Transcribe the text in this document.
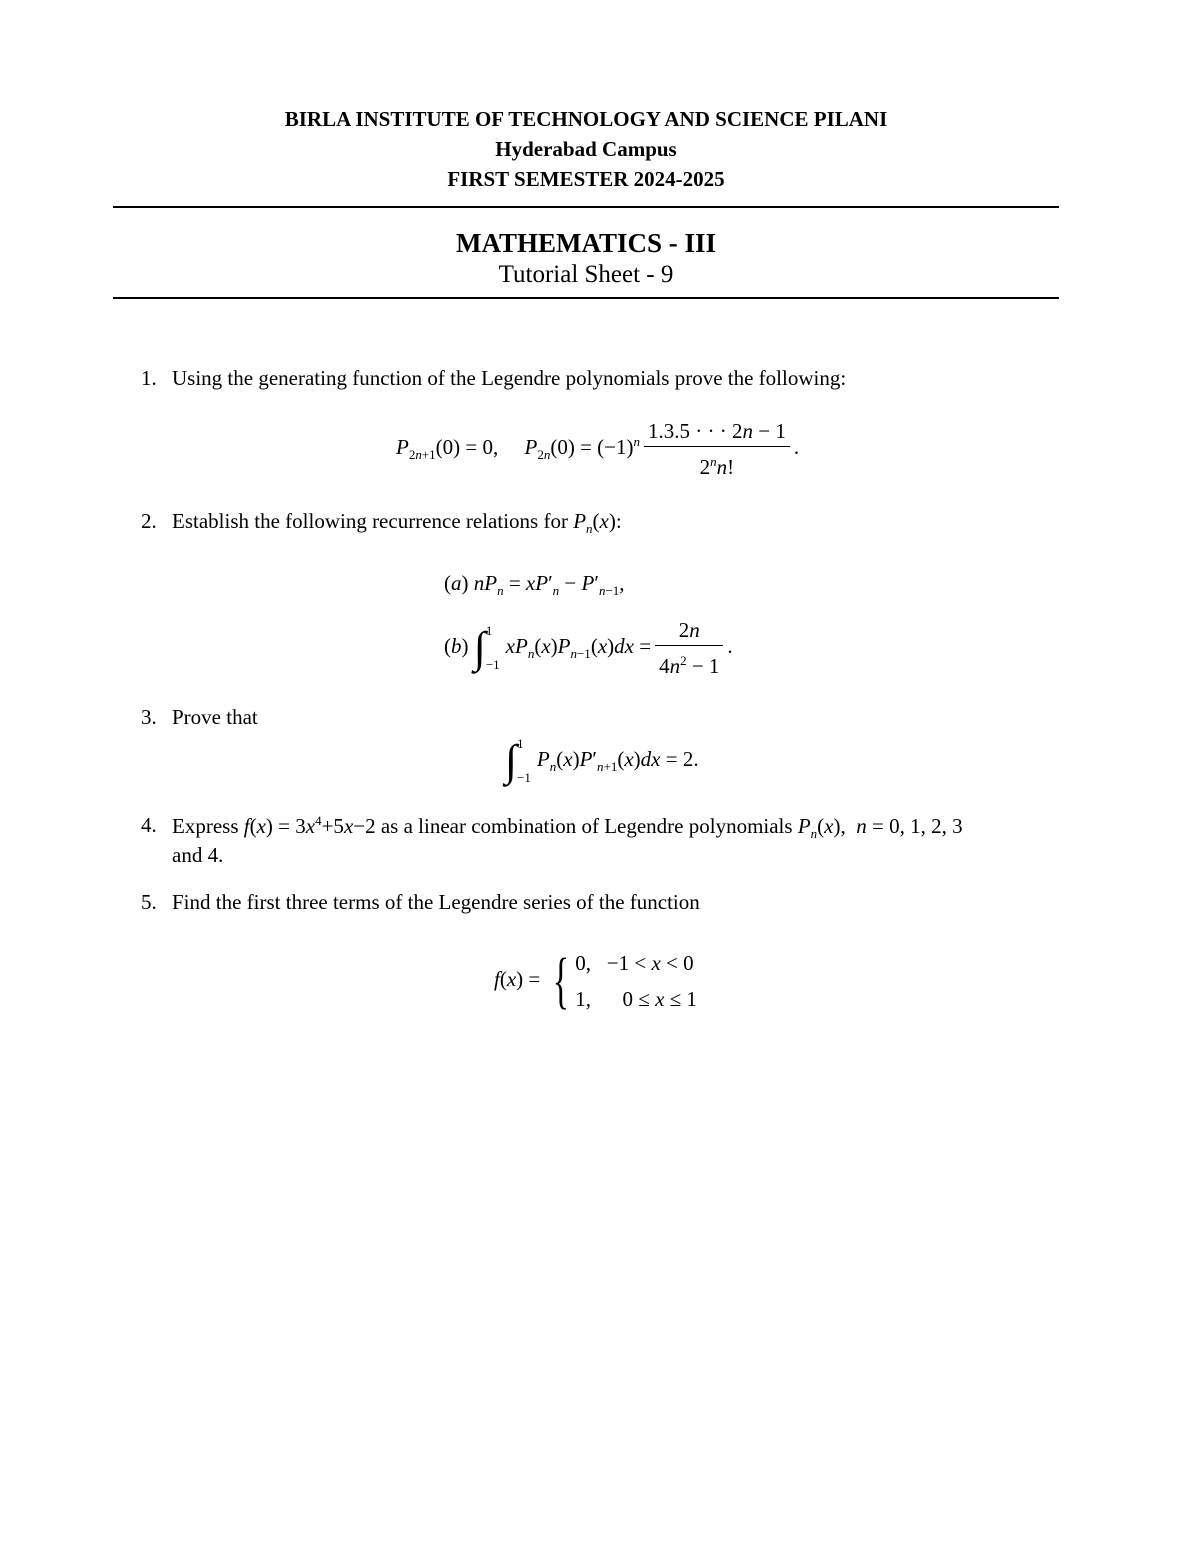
BIRLA INSTITUTE OF TECHNOLOGY AND SCIENCE PILANI
Hyderabad Campus
FIRST SEMESTER 2024-2025
MATHEMATICS - III
Tutorial Sheet - 9
1. Using the generating function of the Legendre polynomials prove the following:
$P_{2n+1}(0) = 0$,     $P_{2n}(0) = (-1)^n \frac{1.3.5 \cdot \cdot \cdot 2n - 1}{2^nn!}$ .
2. Establish the following recurrence relations for $P_n(x)$:
(a) $nP_n = xP'_n - P'_{n-1}$,
(b) ∫1
$-1xP_n(x)P_{n-1}(x)dx = \frac{2n}{4n^2 - 1}$ .
3. Prove that
∫1
$-1P_n(x)P'_{n+1}(x)dx = 2$.
4. Express $f(x) = 3x^4+5x-2$ as a linear combination of Legendre polynomials $P_n(x)$,  n = 0, 1, 2, 3
and 4.
5. Find the first three terms of the Legendre series of the function
f(x) = { 0,   −1 < x < 0
1,      0 ≤ x ≤ 1
